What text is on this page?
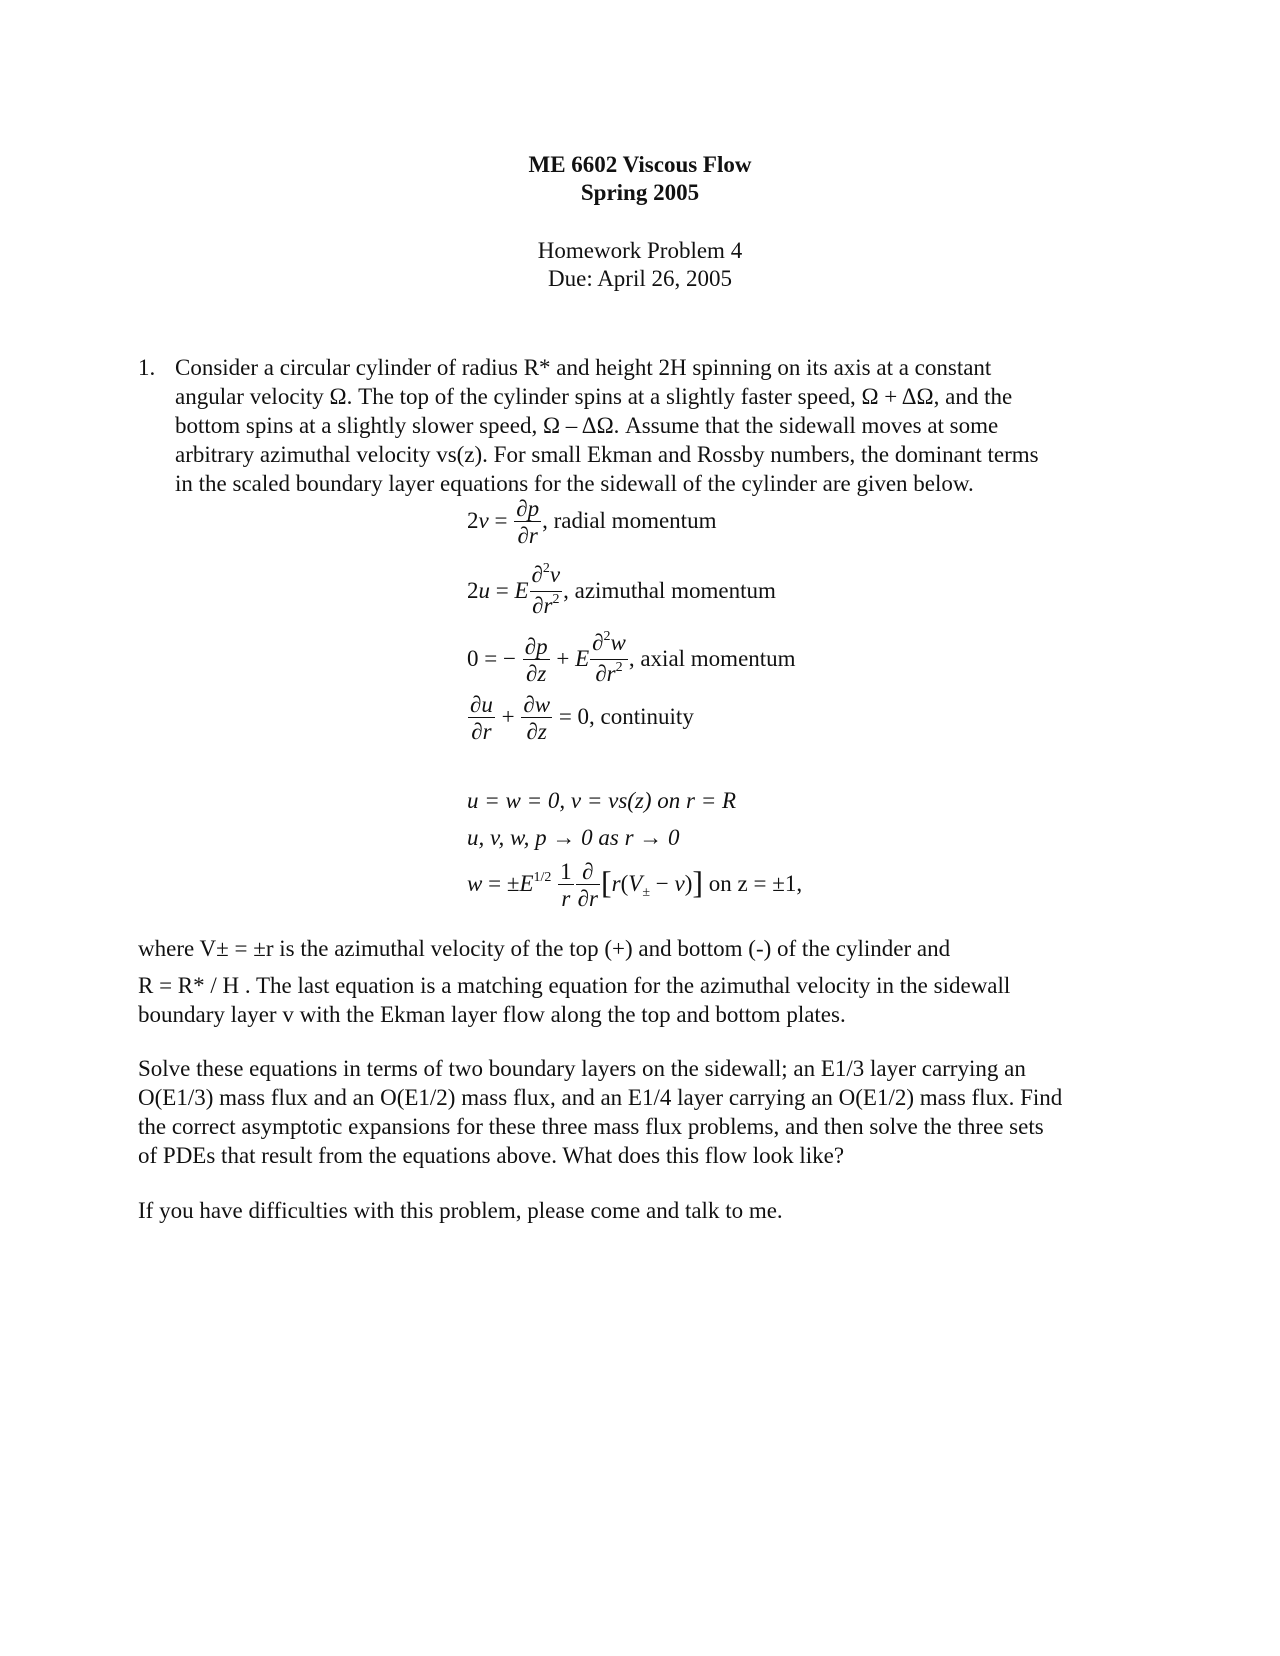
ME 6602 Viscous Flow
Spring 2005
Homework Problem 4
Due: April 26, 2005
1. Consider a circular cylinder of radius R* and height 2H spinning on its axis at a constant
angular velocity Ω. The top of the cylinder spins at a slightly faster speed, Ω + ΔΩ, and the
bottom spins at a slightly slower speed, Ω – ΔΩ. Assume that the sidewall moves at some
arbitrary azimuthal velocity vs(z). For small Ekman and Rossby numbers, the dominant terms
in the scaled boundary layer equations for the sidewall of the cylinder are given below.
$2v = \frac{\partial p}{\partial r}$ , radial momentum
2u = E $\frac{\partial^2v}{\partial r^2}$ , azimuthal momentum
0 = − $\frac{\partial p}{\partial z} + E \frac{\partial^2w}{\partial r^2}$ , axial momentum
$\frac{\partial u}{\partial r} + \frac{\partial w}{\partial z} = 0$, continuity
u = w = 0, v = vs(z) on r = R
u, v, w, p → 0 as r → 0
$w = \pm E^{1/2} \frac{1}{r} \frac{\partial}{\partial r} [r(V_\pm - v)]$ on z = ±1,
where V± = ±r is the azimuthal velocity of the top (+) and bottom (-) of the cylinder and
R = R* / H . The last equation is a matching equation for the azimuthal velocity in the sidewall
boundary layer v with the Ekman layer flow along the top and bottom plates.
Solve these equations in terms of two boundary layers on the sidewall; an E1/3 layer carrying an
O(E1/3) mass flux and an O(E1/2) mass flux, and an E1/4 layer carrying an O(E1/2) mass flux. Find
the correct asymptotic expansions for these three mass flux problems, and then solve the three sets
of PDEs that result from the equations above. What does this flow look like?
If you have difficulties with this problem, please come and talk to me.
